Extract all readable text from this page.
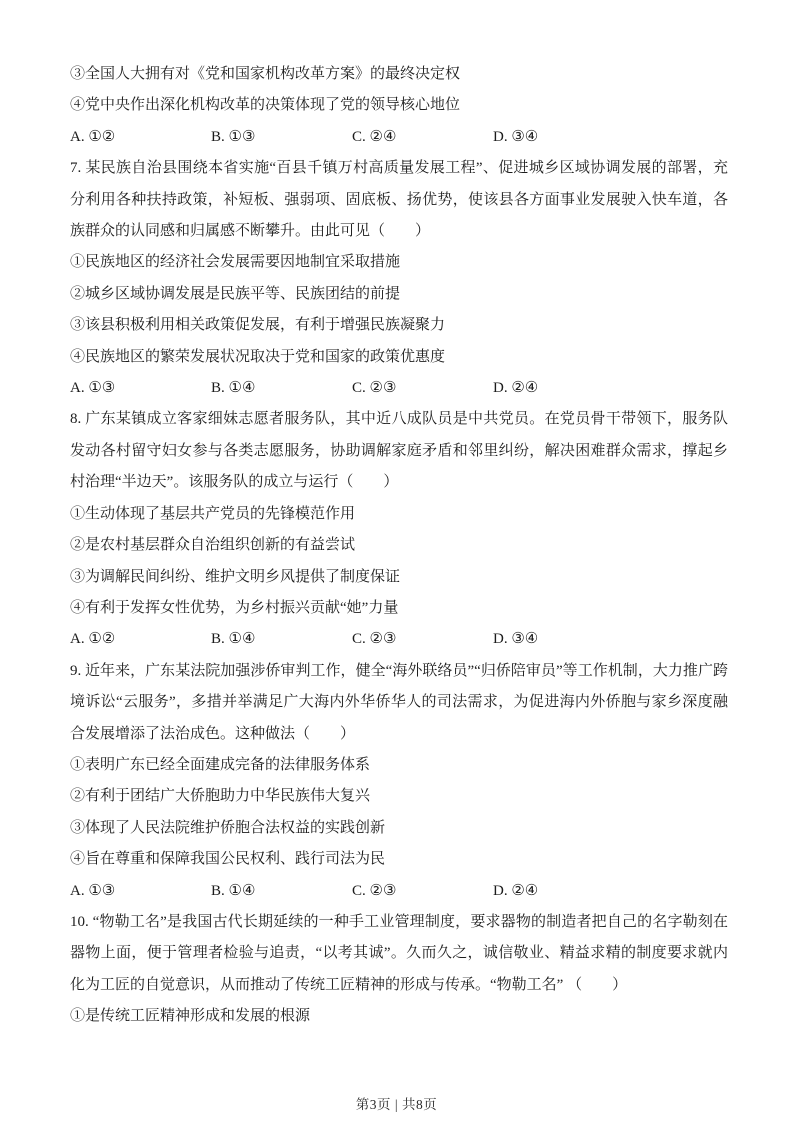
③全国人大拥有对《党和国家机构改革方案》的最终决定权

④党中央作出深化机构改革的决策体现了党的领导核心地位

A. ①②	B. ①③	C. ②④	D. ③④

7. 某民族自治县围绕本省实施“百县千镇万村高质量发展工程”、促进城乡区域协调发展的部署，充分利用各种扶持政策，补短板、强弱项、固底板、扬优势，使该县各方面事业发展驶入快车道，各族群众的认同感和归属感不断攀升。由此可见（　　）

①民族地区的经济社会发展需要因地制宜采取措施

②城乡区域协调发展是民族平等、民族团结的前提

③该县积极利用相关政策促发展，有利于增强民族凝聚力

④民族地区的繁荣发展状况取决于党和国家的政策优惠度

A. ①③	B. ①④	C. ②③	D. ②④

8. 广东某镇成立客家细妹志愿者服务队，其中近八成队员是中共党员。在党员骨干带领下，服务队发动各村留守妇女参与各类志愿服务，协助调解家庭矛盾和邻里纠纷，解决困难群众需求，撑起乡村治理“半边天”。该服务队的成立与运行（　　）

①生动体现了基层共产党员的先锋模范作用

②是农村基层群众自治组织创新的有益尝试

③为调解民间纠纷、维护文明乡风提供了制度保证

④有利于发挥女性优势，为乡村振兴贡献“她”力量

A. ①②	B. ①④	C. ②③	D. ③④

9. 近年来，广东某法院加强涉侨审判工作，健全“海外联络员”“归侨陪审员”等工作机制，大力推广跨境诉讼“云服务”，多措并举满足广大海内外华侨华人的司法需求，为促进海内外侨胞与家乡深度融合发展增添了法治成色。这种做法（　　）

①表明广东已经全面建成完备的法律服务体系

②有利于团结广大侨胞助力中华民族伟大复兴

③体现了人民法院维护侨胞合法权益的实践创新

④旨在尊重和保障我国公民权利、践行司法为民

A. ①③	B. ①④	C. ②③	D. ②④

10. “物勒工名”是我国古代长期延续的一种手工业管理制度，要求器物的制造者把自己的名字勒刻在器物上面，便于管理者检验与追责，“以考其诚”。久而久之，诚信敬业、精益求精的制度要求就内化为工匠的自觉意识，从而推动了传统工匠精神的形成与传承。“物勒工名” （　　）

①是传统工匠精神形成和发展的根源

第3页 | 共8页
